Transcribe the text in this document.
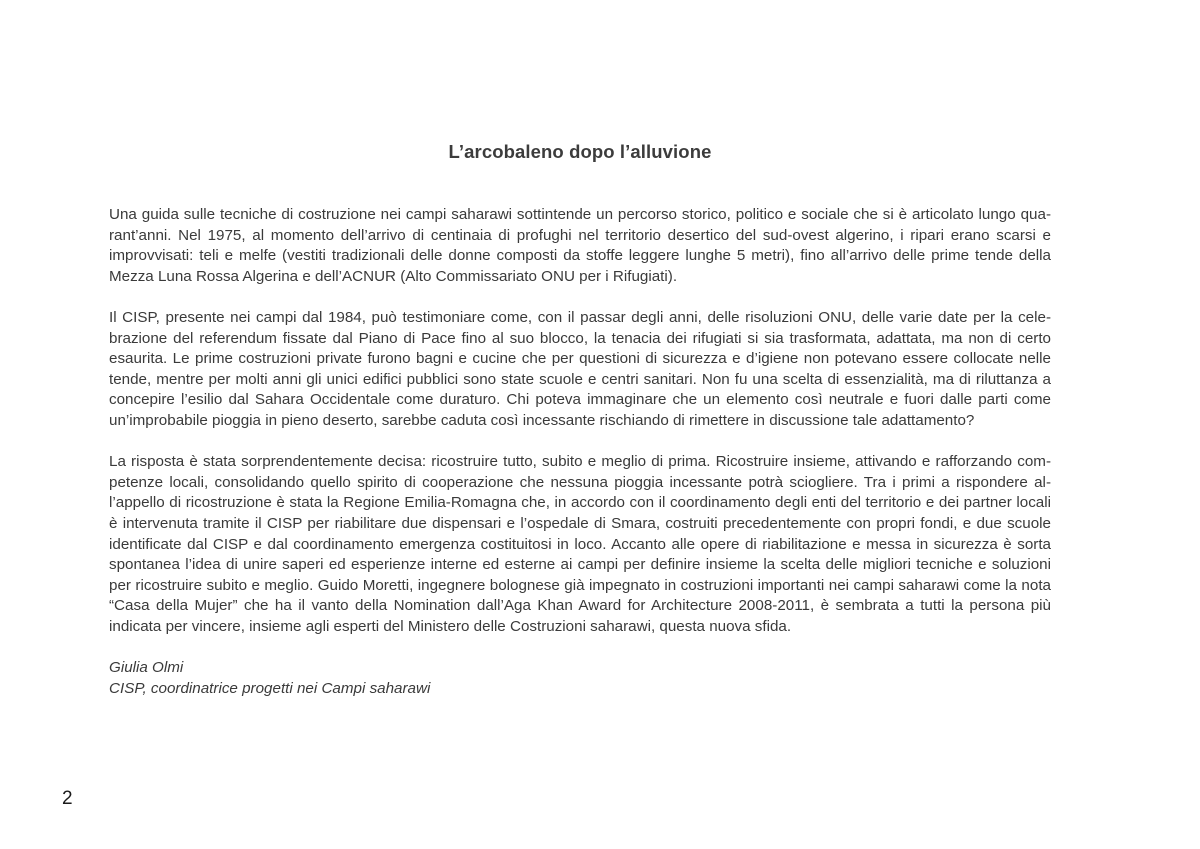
L’arcobaleno dopo l’alluvione

Una guida sulle tecniche di costruzione nei campi saharawi sottintende un percorso storico, politico e sociale che si è articolato lungo quarant’anni. Nel 1975, al momento dell’arrivo di centinaia di profughi nel territorio desertico del sud-ovest algerino, i ripari erano scarsi e improvvisati: teli e melfe (vestiti tradizionali delle donne composti da stoffe leggere lunghe 5 metri), fino all’arrivo delle prime tende della Mezza Luna Rossa Algerina e dell’ACNUR (Alto Commissariato ONU per i Rifugiati).

Il CISP, presente nei campi dal 1984, può testimoniare come, con il passar degli anni, delle risoluzioni ONU, delle varie date per la celebrazione del referendum fissate dal Piano di Pace fino al suo blocco, la tenacia dei rifugiati si sia trasformata, adattata, ma non di certo esaurita. Le prime costruzioni private furono bagni e cucine che per questioni di sicurezza e d’igiene non potevano essere collocate nelle tende, mentre per molti anni gli unici edifici pubblici sono state scuole e centri sanitari. Non fu una scelta di essenzialità, ma di riluttanza a concepire l’esilio dal Sahara Occidentale come duraturo. Chi poteva immaginare che un elemento così neutrale e fuori dalle parti come un’improbabile pioggia in pieno deserto, sarebbe caduta così incessante rischiando di rimettere in discussione tale adattamento?

La risposta è stata sorprendentemente decisa: ricostruire tutto, subito e meglio di prima. Ricostruire insieme, attivando e rafforzando competenze locali, consolidando quello spirito di cooperazione che nessuna pioggia incessante potrà sciogliere. Tra i primi a rispondere all’appello di ricostruzione è stata la Regione Emilia-Romagna che, in accordo con il coordinamento degli enti del territorio e dei partner locali è intervenuta tramite il CISP per riabilitare due dispensari e l’ospedale di Smara, costruiti precedentemente con propri fondi, e due scuole identificate dal CISP e dal coordinamento emergenza costituitosi in loco. Accanto alle opere di riabilitazione e messa in sicurezza è sorta spontanea l’idea di unire saperi ed esperienze interne ed esterne ai campi per definire insieme la scelta delle migliori tecniche e soluzioni per ricostruire subito e meglio. Guido Moretti, ingegnere bolognese già impegnato in costruzioni importanti nei campi saharawi come la nota “Casa della Mujer” che ha il vanto della Nomination dall’Aga Khan Award for Architecture 2008-2011, è sembrata a tutti la persona più indicata per vincere, insieme agli esperti del Ministero delle Costruzioni saharawi, questa nuova sfida.

Giulia Olmi
CISP, coordinatrice progetti nei Campi saharawi

2
